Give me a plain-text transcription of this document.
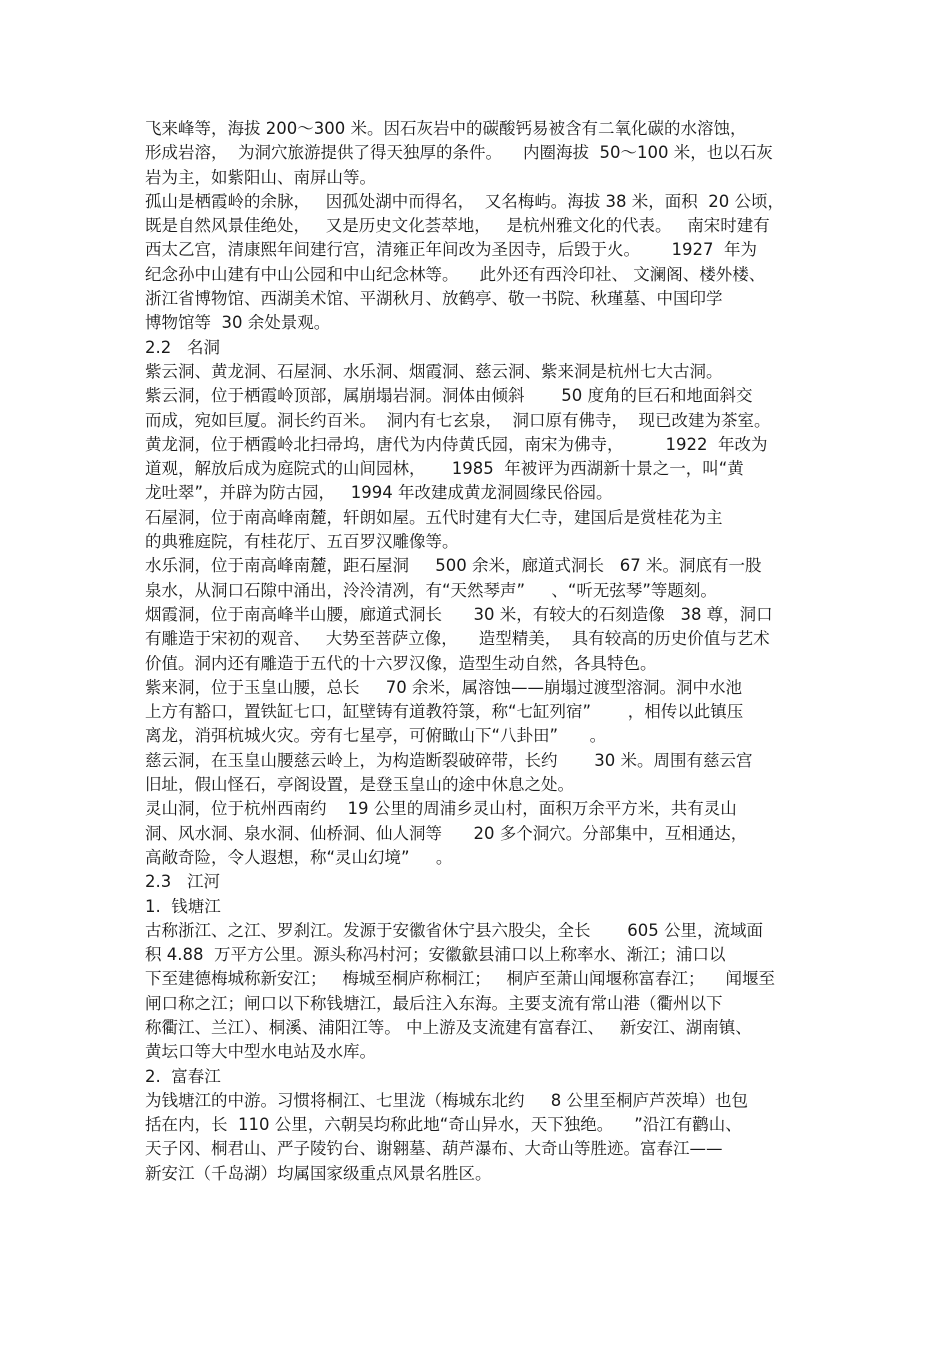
飞来峰等，海拔 200～300 米。因石灰岩中的碳酸钙易被含有二氧化碳的水溶蚀，
形成岩溶，  为洞穴旅游提供了得天独厚的条件。    内圈海拔  50～100 米，也以石灰
岩为主，如紫阳山、南屏山等。
孤山是栖霞岭的余脉，   因孤处湖中而得名，  又名梅屿。海拔 38 米，面积  20 公顷，
既是自然风景佳绝处，   又是历史文化荟萃地，   是杭州雅文化的代表。   南宋时建有
西太乙宫，清康熙年间建行宫，清雍正年间改为圣因寺，后毁于火。      1927  年为
纪念孙中山建有中山公园和中山纪念林等。    此外还有西泠印社、 文澜阁、楼外楼、
浙江省博物馆、西湖美术馆、平湖秋月、放鹤亭、敬一书院、秋瑾墓、中国印学
博物馆等  30 余处景观。
2.2   名洞
紫云洞、黄龙洞、石屋洞、水乐洞、烟霞洞、慈云洞、紫来洞是杭州七大古洞。
紫云洞，位于栖霞岭顶部，属崩塌岩洞。洞体由倾斜       50 度角的巨石和地面斜交
而成，宛如巨厦。洞长约百米。  洞内有七玄泉，  洞口原有佛寺，  现已改建为茶室。
黄龙洞，位于栖霞岭北扫帚坞，唐代为内侍黄氏园，南宋为佛寺，        1922  年改为
道观，解放后成为庭院式的山间园林，     1985  年被评为西湖新十景之一，叫“黄
龙吐翠”，并辟为防古园，   1994 年改建成黄龙洞圆缘民俗园。
石屋洞，位于南高峰南麓，轩朗如屋。五代时建有大仁寺，建国后是赏桂花为主
的典雅庭院，有桂花厅、五百罗汉雕像等。
水乐洞，位于南高峰南麓，距石屋洞     500 余米，廊道式洞长   67 米。洞底有一股
泉水，从洞口石隙中涌出，泠泠清冽，有“天然琴声”     、“听无弦琴”等题刻。
烟霞洞，位于南高峰半山腰，廊道式洞长      30 米，有较大的石刻造像   38 尊，洞口
有雕造于宋初的观音、   大势至菩萨立像，    造型精美，  具有较高的历史价值与艺术
价值。洞内还有雕造于五代的十六罗汉像，造型生动自然，各具特色。
紫来洞，位于玉皇山腰，总长     70 余米，属溶蚀——崩塌过渡型溶洞。洞中水池
上方有豁口，置铁缸七口，缸壁铸有道教符箓，称“七缸列宿”       ，相传以此镇压
离龙，消弭杭城火灾。旁有七星亭，可俯瞰山下“八卦田”      。
慈云洞，在玉皇山腰慈云岭上，为构造断裂破碎带，长约       30 米。周围有慈云宫
旧址，假山怪石，亭阁设置，是登玉皇山的途中休息之处。
灵山洞，位于杭州西南约    19 公里的周浦乡灵山村，面积万余平方米，共有灵山
洞、风水洞、泉水洞、仙桥洞、仙人洞等      20 多个洞穴。分部集中，互相通达，
高敞奇险，令人遐想，称“灵山幻境”     。
2.3   江河
1.  钱塘江
古称浙江、之江、罗刹江。发源于安徽省休宁县六股尖，全长       605 公里，流域面
积 4.88  万平方公里。源头称冯村河；安徽歙县浦口以上称率水、渐江；浦口以
下至建德梅城称新安江；   梅城至桐庐称桐江；   桐庐至萧山闻堰称富春江；    闻堰至
闸口称之江；闸口以下称钱塘江，最后注入东海。主要支流有常山港（衢州以下
称衢江、兰江）、桐溪、浦阳江等。 中上游及支流建有富春江、   新安江、湖南镇、
黄坛口等大中型水电站及水库。
2.  富春江
为钱塘江的中游。习惯将桐江、七里泷（梅城东北约     8 公里至桐庐芦茨埠）也包
括在内，长  110 公里，六朝吴均称此地“奇山异水，天下独绝。    ”沿江有鹳山、
天子冈、桐君山、严子陵钓台、谢翱墓、葫芦瀑布、大奇山等胜迹。富春江——
新安江（千岛湖）均属国家级重点风景名胜区。
